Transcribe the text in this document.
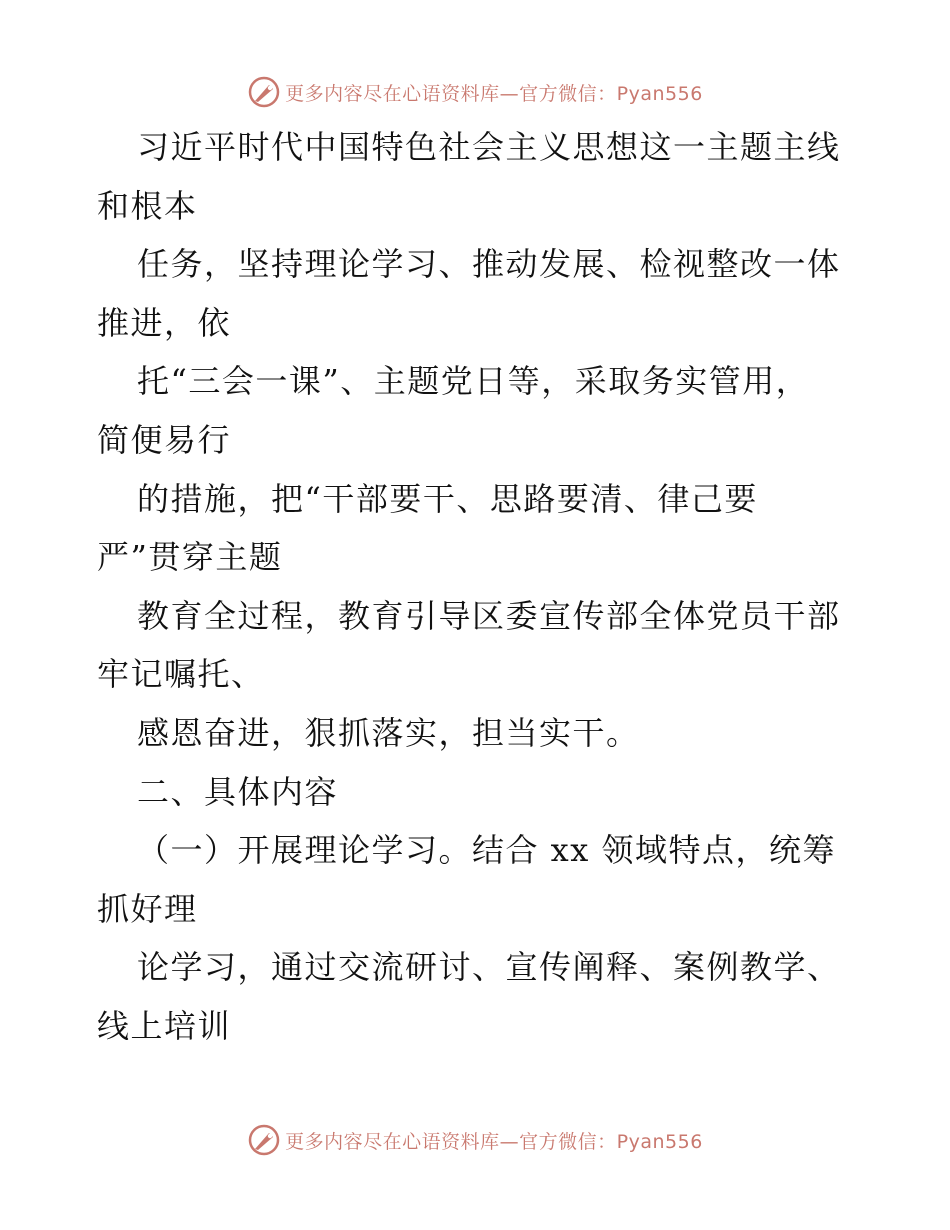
更多内容尽在心语资料库—官方微信：Pyan556
习近平时代中国特色社会主义思想这一主题主线
和根本
任务，坚持理论学习、推动发展、检视整改一体
推进，依
托“三会一课”、主题党日等，采取务实管用，
简便易行
的措施，把“干部要干、思路要清、律己要
严”贯穿主题
教育全过程，教育引导区委宣传部全体党员干部
牢记嘱托、
感恩奋进，狠抓落实，担当实干。
二、具体内容
（一）开展理论学习。结合 xx 领域特点，统筹
抓好理
论学习，通过交流研讨、宣传阐释、案例教学、
线上培训
更多内容尽在心语资料库—官方微信：Pyan556
